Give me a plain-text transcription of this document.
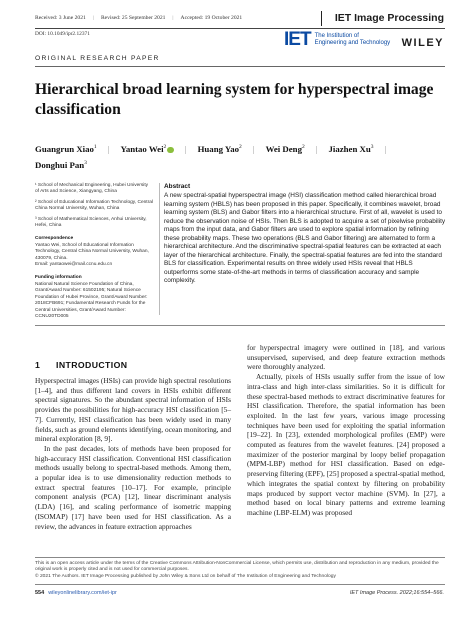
Received: 3 June 2021 | Revised: 25 September 2021 | Accepted: 19 October 2021	IET Image Processing
DOI: 10.1049/ipr2.12371	IET The Institution of
Engineering and Technology WILEY
ORIGINAL RESEARCH PAPER
Hierarchical broad learning system for hyperspectral image classification
Guangrun Xiao$^1$ | Yantao Wei$^2$ | Huang Yao$^2$ | Wei Deng$^2$ | Jiazhen Xu$^3$ |
Donghui Pan$^3$
¹ School of Mechanical Engineering, Hubei University of Arts and Science, Xiangyang, China
² School of Educational Information Technology, Central China Normal University, Wuhan, China
³ School of Mathematical Sciences, Anhui University, Hefei, China
Correspondence
Yantao Wei, School of Educational Information Technology, Central China Normal University, Wuhan, 430079, China.
Email: yantaowei@mail.ccnu.edu.cn
Funding information
National Natural Science Foundation of China, Grant/Award Number: 61502195; Natural Science Foundation of Hubei Province, Grant/Award Number: 2018CFB691; Fundamental Research Funds for the Central Universities, Grant/Award Number: CCNU20TD005
Abstract
A new spectral-spatial hyperspectral image (HSI) classification method called hierarchical broad learning system (HBLS) has been proposed in this paper. Specifically, it combines wavelet, broad learning system (BLS) and Gabor filters into a hierarchical structure. First of all, wavelet is used to reduce the observation noise of HSIs. Then BLS is adopted to acquire a set of pixelwise probability maps from the input data, and Gabor filters are used to explore spatial information by refining these probability maps. These two operations (BLS and Gabor filtering) are alternated to form a hierarchical architecture. And the discriminative spectral-spatial features can be extracted at each layer of the hierarchical architecture. Finally, the spectral-spatial features are fed into the standard BLS for classification. Experimental results on three widely used HSIs reveal that HBLS outperforms some state-of-the-art methods in terms of classification accuracy and sample complexity.
1 INTRODUCTION

Hyperspectral images (HSIs) can provide high spectral resolutions [1–4], and thus different land covers in HSIs exhibit different spectral signatures. So the abundant spectral information of HSIs provides the possibilities for high-accuracy HSI classification [5–7]. Currently, HSI classification has been widely used in many fields, such as ground elements identifying, ocean monitoring, and mineral exploration [8, 9].

In the past decades, lots of methods have been proposed for high-accuracy HSI classification. Conventional HSI classification methods usually belong to spectral-based methods. Among them, a popular idea is to use dimensionality reduction methods to extract spectral features [10–17]. For example, principle component analysis (PCA) [12], linear discriminant analysis (LDA) [16], and scaling performance of isometric mapping (ISOMAP) [17] have been used for HSI classification. As a review, the advances in feature extraction approaches

for hyperspectral imagery were outlined in [18], and various unsupervised, supervised, and deep feature extraction methods were thoroughly analyzed.

Actually, pixels of HSIs usually suffer from the issue of low intra-class and high inter-class similarities. So it is difficult for these spectral-based methods to extract discriminative features for HSI classification. Therefore, the spatial information has been exploited. In the last few years, various image processing techniques have been used for exploiting the spatial information [19–22]. In [23], extended morphological profiles (EMP) were computed as features from the wavelet features. [24] proposed a maximizer of the posterior marginal by loopy belief propagation (MPM-LBP) method for HSI classification. Based on edge-preserving filtering (EPF), [25] proposed a spectral-spatial method, which integrates the spatial context by filtering on probability maps produced by support vector machine (SVM). In [27], a method based on local binary patterns and extreme learning machine (LBP-ELM) was proposed

This is an open access article under the terms of the Creative Commons Attribution-NonCommercial License, which permits use, distribution and reproduction in any medium, provided the original work is properly cited and is not used for commercial purposes.
© 2021 The Authors. IET Image Processing published by John Wiley & Sons Ltd on behalf of The Institution of Engineering and Technology
554 wileyonlinelibrary.com/iet-ipr	IET Image Process. 2022;16:554–566.
